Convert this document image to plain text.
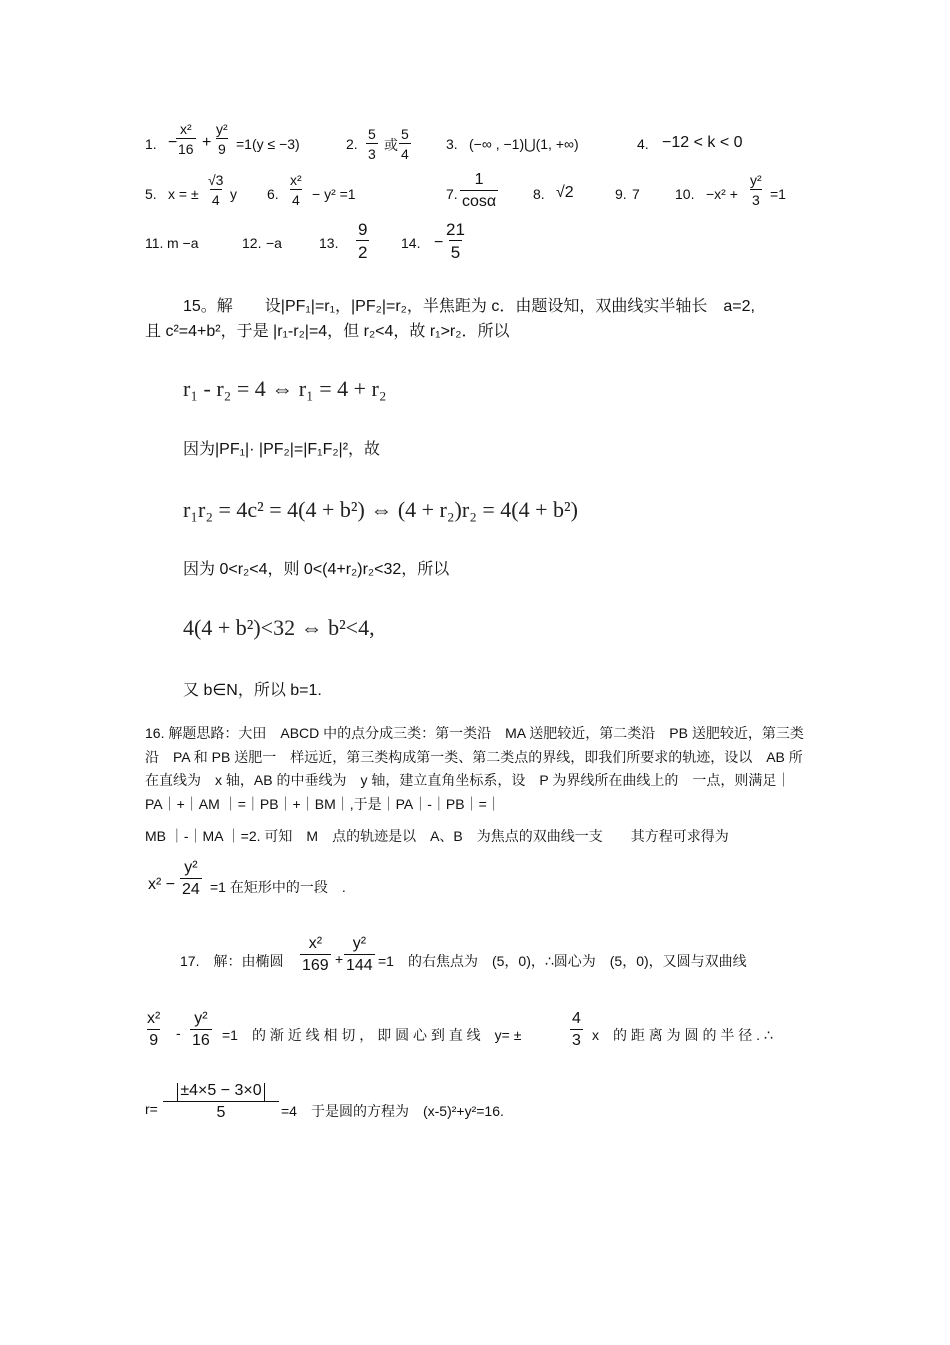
1. −
$\frac{\text{x²}}{16} + \frac{\text{y²}}{9} =1(y \le -3)$	2. $\frac{5}{3}$ 或 $\frac{5}{4}$	3. (−∞ , −1)⋃(1, +∞)	4. −12 < k < 0
5. x = ± $\frac{√3}{4}$ y 6. $\frac{\text{x²}}{4} - y^2 =1$	7. $\frac{1}{\cos\alpha} 8$. √2	9. 7	10. $-x^2 + \frac{\text{y²}}{3} =1$
11. m −a	12. −a	13. $\frac{9}{2} 14$. − $\frac{21}{5}$
15。解　　设|PF₁|=r₁，|PF₂|=r₂，半焦距为 c．由题设知，双曲线实半轴长　a=2,
且 c²=4+b²，于是 |r₁-r₂|=4，但 r₂<4，故 r₁>r₂．所以
r₁ - r₂ = 4 ⇔ r₁ = 4 + r₂
因为|PF₁|· |PF₂|=|F₁F₂|²，故
r₁r₂ = 4c² = 4(4 + b²) ⇔ (4 + r₂)r₂ = 4(4 + b²)
因为 0<r₂<4，则 0<(4+r₂)r₂<32，所以
4(4 + b²)<32 ⇔ b²<4,
又 b∈N，所以 b=1.
16. 解题思路：大田　ABCD 中的点分成三类：第一类沿　MA 送肥较近，第二类沿　PB 送肥较近，第三类沿　PA 和 PB 送肥一　样远近，第三类构成第一类、第二类点的界线，即我们所要求的轨迹，设以　AB 所在直线为　x 轴，AB 的中垂线为　y 轴，建立直角坐标系，设　P 为界线所在曲线上的　一点，则满足｜　PA｜+｜AM ｜=｜PB｜+｜BM｜,于是｜PA｜-｜PB｜=｜
MB ｜-｜MA ｜=2. 可知　M　点的轨迹是以　A、B　为焦点的双曲线一支　　其方程可求得为
$x^2 - \frac{\text{y²}}{24} =1$ 在矩形中的一段　.
17.　解：由椭圆 $\frac{\text{x²}}{169} + \frac{\text{y²}}{144} =1$　的右焦点为　(5，0)，∴圆心为　(5，0)，又圆与双曲线
$\frac{\text{x²}}{9} - \frac{\text{y²}}{16} =1$　的 渐 近 线 相 切 ， 即 圆 心 到 直 线　y= ±	$\frac{4}{3}$ x　的 距 离 为 圆 的 半 径 . ∴
$r= \frac{\pm 4\times 5 - 3\times 0}{5} =4$　于是圆的方程为　(x-5)²+y²=16.
